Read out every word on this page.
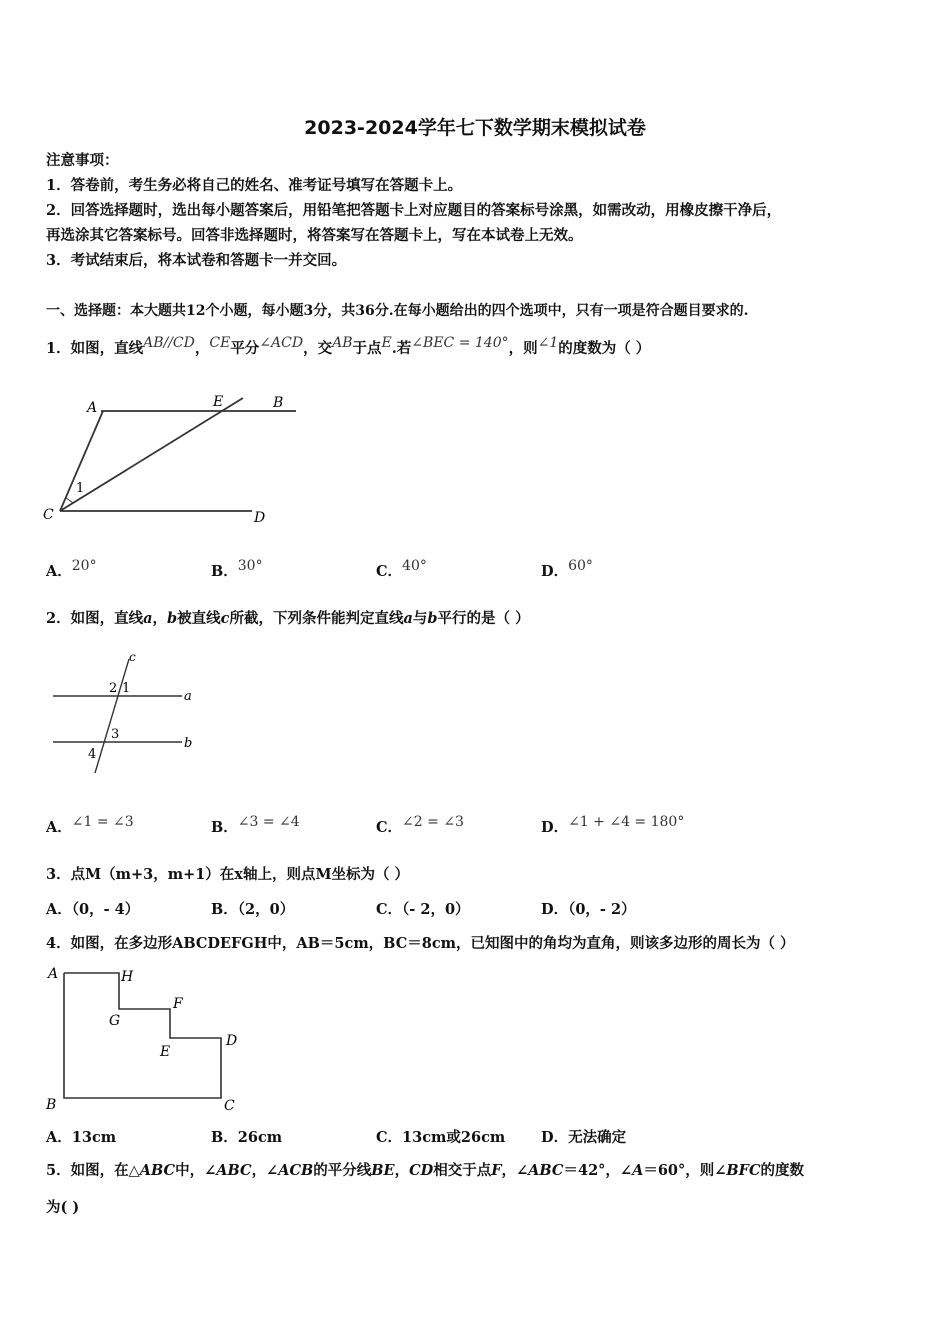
2023-2024学年七下数学期末模拟试卷
注意事项：
1．答卷前，考生务必将自己的姓名、准考证号填写在答题卡上。
2．回答选择题时，选出每小题答案后，用铅笔把答题卡上对应题目的答案标号涂黑，如需改动，用橡皮擦干净后，
再选涂其它答案标号。回答非选择题时，将答案写在答题卡上，写在本试卷上无效。
3．考试结束后，将本试卷和答题卡一并交回。
一、选择题：本大题共12个小题，每小题3分，共36分.在每小题给出的四个选项中，只有一项是符合题目要求的.
1．如图，直线AB//CD，CE平分∠ACD，交AB于点E.若∠BEC = 140°，则∠1的度数为（ ）
A	E	B
C	D
1
A．20°	B．30°	C．40°	D．60°
2．如图，直线a，b被直线c所截，下列条件能判定直线a与b平行的是（ ）
c
a
b
2 1
3
4
A．∠1 = ∠3	B．∠3 = ∠4	C．∠2 = ∠3	D．∠1 + ∠4 = 180°
3．点M（m+3，m+1）在x轴上，则点M坐标为（ ）
A．（0，- 4）	B．（2，0）	C．（- 2，0）	D．（0，- 2）
4．如图，在多边形ABCDEFGH中，AB＝5cm，BC＝8cm，已知图中的角均为直角，则该多边形的周长为（ ）
A	H
G
F
E
D
B	C
A．13cm	B．26cm	C．13cm或26cm D．无法确定
5．如图，在△ABC中，∠ABC，∠ACB的平分线BE，CD相交于点F，∠ABC＝42°，∠A＝60°，则∠BFC的度数
为( )
